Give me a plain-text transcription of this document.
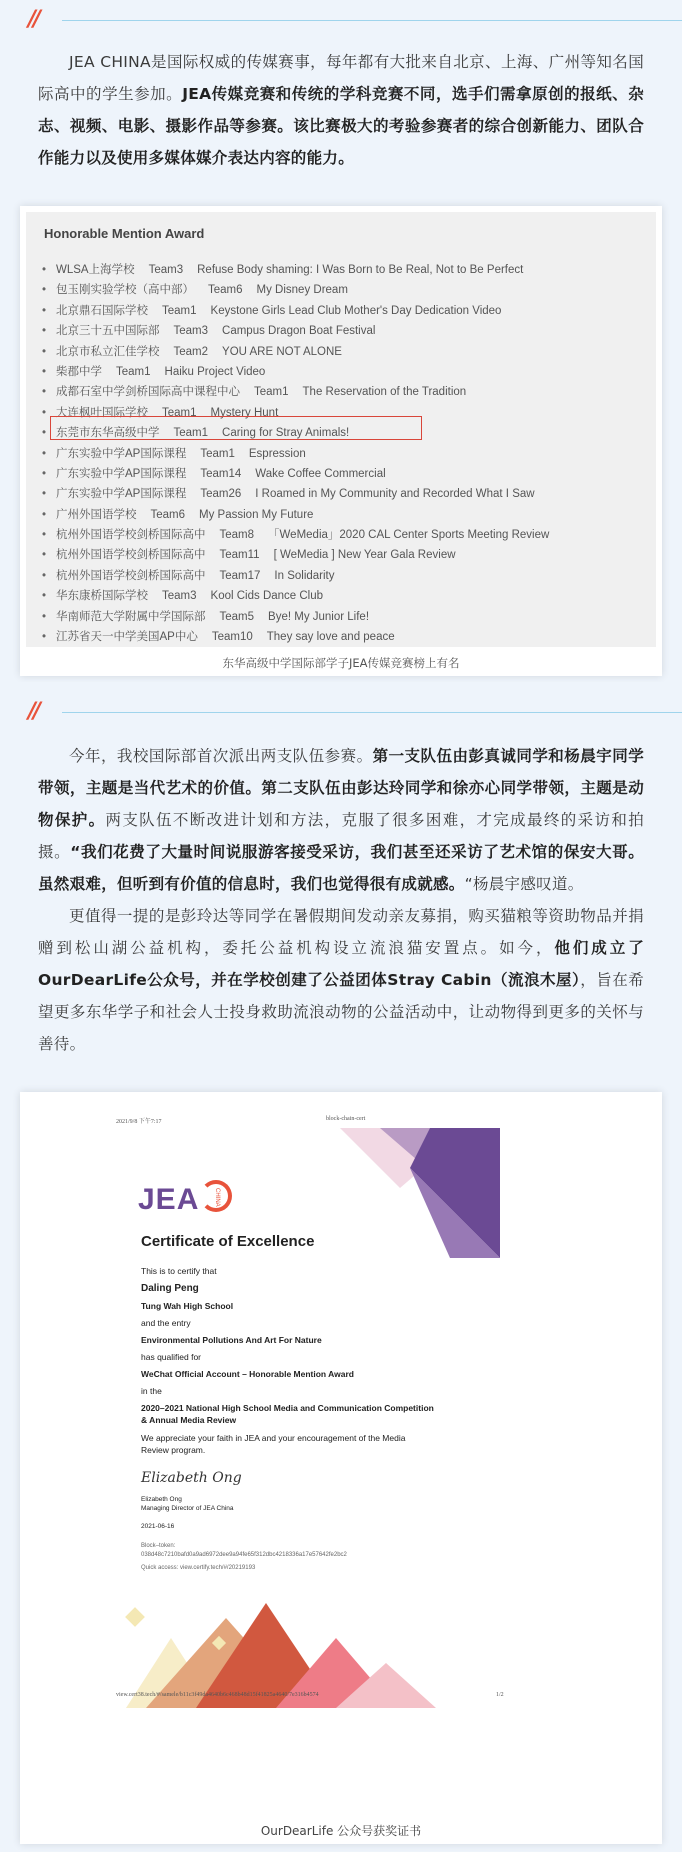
//

JEA CHINA是国际权威的传媒赛事，每年都有大批来自北京、上海、广州等知名国际高中的学生参加。JEA传媒竞赛和传统的学科竞赛不同，选手们需拿原创的报纸、杂志、视频、电影、摄影作品等参赛。该比赛极大的考验参赛者的综合创新能力、团队合作能力以及使用多媒体媒介表达内容的能力。

Honorable Mention Award
• WLSA上海学校 Team3 Refuse Body shaming: I Was Born to Be Real, Not to Be Perfect
• 包玉刚实验学校（高中部） Team6 My Disney Dream
• 北京鼎石国际学校 Team1 Keystone Girls Lead Club Mother's Day Dedication Video
• 北京三十五中国际部 Team3 Campus Dragon Boat Festival
• 北京市私立汇佳学校 Team2 YOU ARE NOT ALONE
• 柴郡中学 Team1 Haiku Project Video
• 成都石室中学剑桥国际高中课程中心 Team1 The Reservation of the Tradition
• 大连枫叶国际学校 Team1 Mystery Hunt
• 东莞市东华高级中学 Team1 Caring for Stray Animals!
• 广东实验中学AP国际课程 Team1 Espression
• 广东实验中学AP国际课程 Team14 Wake Coffee Commercial
• 广东实验中学AP国际课程 Team26 I Roamed in My Community and Recorded What I Saw
• 广州外国语学校 Team6 My Passion My Future
• 杭州外国语学校剑桥国际高中 Team8 「WeMedia」2020 CAL Center Sports Meeting Review
• 杭州外国语学校剑桥国际高中 Team11 [ WeMedia ] New Year Gala Review
• 杭州外国语学校剑桥国际高中 Team17 In Solidarity
• 华东康桥国际学校 Team3 Kool Cids Dance Club
• 华南师范大学附属中学国际部 Team5 Bye! My Junior Life!
• 江苏省天一中学美国AP中心 Team10 They say love and peace
东华高级中学国际部学子JEA传媒竞赛榜上有名
//

今年，我校国际部首次派出两支队伍参赛。第一支队伍由彭真诚同学和杨晨宇同学带领，主题是当代艺术的价值。第二支队伍由彭达玲同学和徐亦心同学带领，主题是动物保护。两支队伍不断改进计划和方法，克服了很多困难，才完成最终的采访和拍摄。“我们花费了大量时间说服游客接受采访，我们甚至还采访了艺术馆的保安大哥。虽然艰难，但听到有价值的信息时，我们也觉得很有成就感。“杨晨宇感叹道。

更值得一提的是彭玲达等同学在暑假期间发动亲友募捐，购买猫粮等资助物品并捐赠到松山湖公益机构，委托公益机构设立流浪猫安置点。如今，他们成立了OurDearLife公众号，并在学校创建了公益团体Stray Cabin（流浪木屋），旨在希望更多东华学子和社会人士投身救助流浪动物的公益活动中，让动物得到更多的关怀与善待。

2021/9/8 下午7:17	block-chain-cert
JEA CHINA
Certificate of Excellence
This is to certify that
Daling Peng
Tung Wah High School
and the entry
Environmental Pollutions And Art For Nature
has qualified for
WeChat Official Account – Honorable Mention Award
in the
2020–2021 National High School Media and Communication Competition
& Annual Media Review
We appreciate your faith in JEA and your encouragement of the Media
Review program.
Elizabeth Ong
Elizabeth Ong
Managing Director of JEA China
2021-06-16
Block–token:
038d48c7210bafd0a9ad6972dee9a94fe65f312dbc4218336a17e57642fe2bc2
Quick access: view.certify.tech/#/20219193
view.cert38.tech/#/samele/b11c3f49da4640b6c468b48d15f41825a4640/7e316b4574	1/2
OurDearLife 公众号获奖证书
